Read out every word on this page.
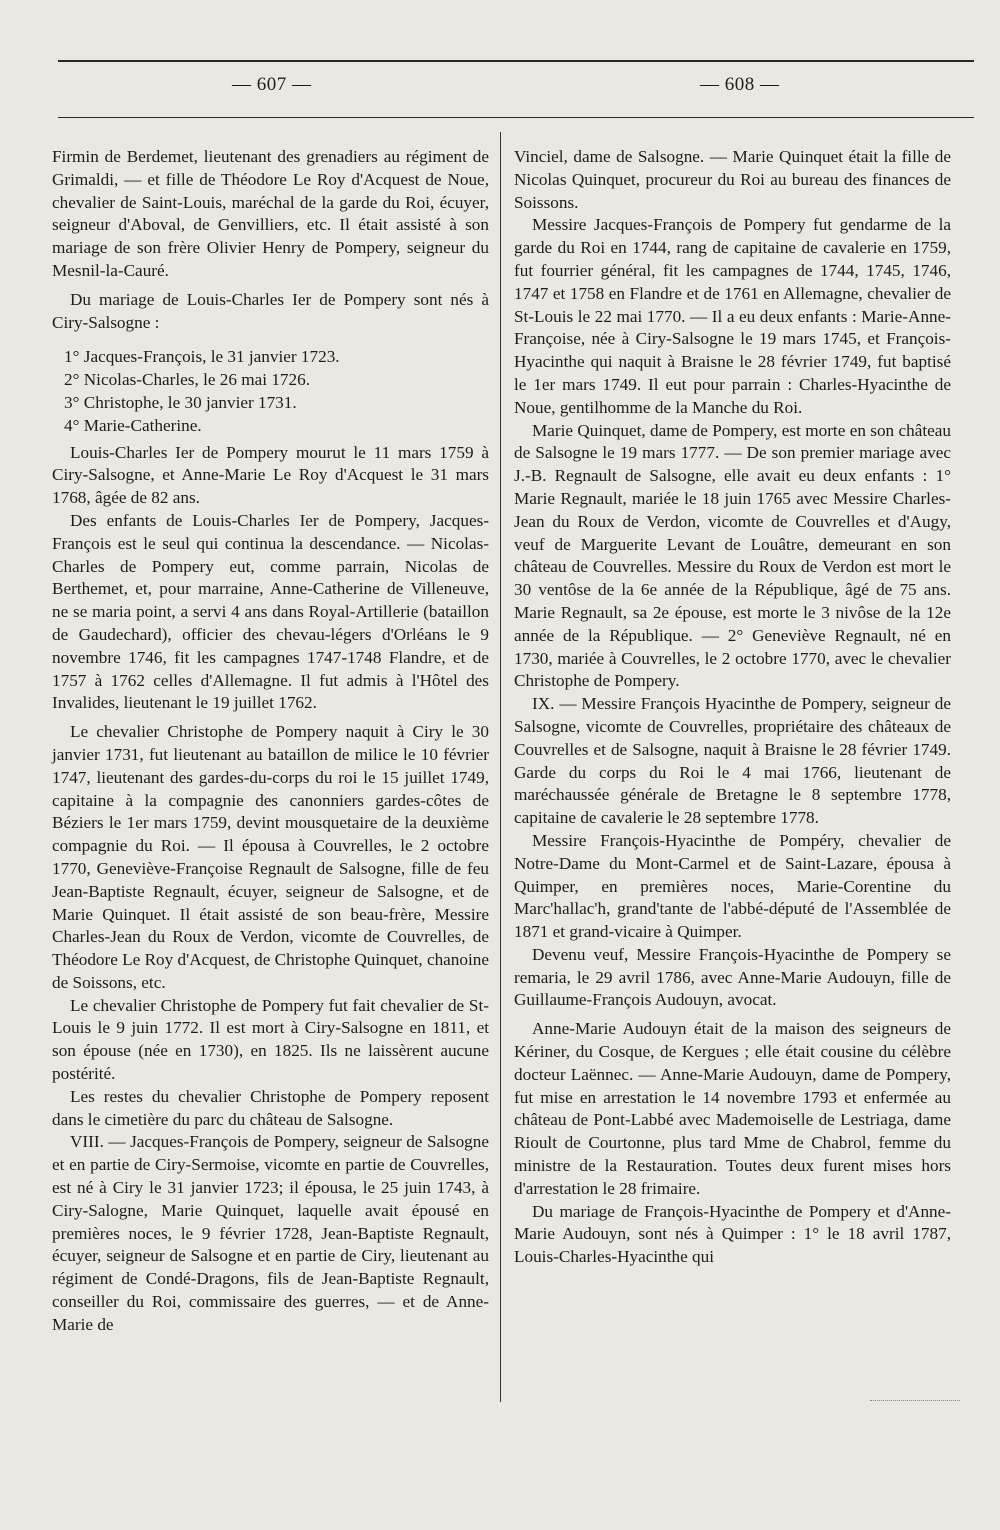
— 607 —	— 608 —

Firmin de Berdemet, lieutenant des grenadiers au régiment de Grimaldi, — et fille de Théodore Le Roy d'Acquest de Noue, chevalier de Saint-Louis, maréchal de la garde du Roi, écuyer, seigneur d'Aboval, de Genvilliers, etc. Il était assisté à son mariage de son frère Olivier Henry de Pompery, seigneur du Mesnil-la-Cauré.

Du mariage de Louis-Charles Ier de Pompery sont nés à Ciry-Salsogne :

1° Jacques-François, le 31 janvier 1723.

2° Nicolas-Charles, le 26 mai 1726.

3° Christophe, le 30 janvier 1731.

4° Marie-Catherine.

Louis-Charles Ier de Pompery mourut le 11 mars 1759 à Ciry-Salsogne, et Anne-Marie Le Roy d'Acquest le 31 mars 1768, âgée de 82 ans.

Des enfants de Louis-Charles Ier de Pompery, Jacques-François est le seul qui continua la descendance. — Nicolas-Charles de Pompery eut, comme parrain, Nicolas de Berthemet, et, pour marraine, Anne-Catherine de Villeneuve, ne se maria point, a servi 4 ans dans Royal-Artillerie (bataillon de Gaudechard), officier des chevau-légers d'Orléans le 9 novembre 1746, fit les campagnes 1747-1748 Flandre, et de 1757 à 1762 celles d'Allemagne. Il fut admis à l'Hôtel des Invalides, lieutenant le 19 juillet 1762.

Le chevalier Christophe de Pompery naquit à Ciry le 30 janvier 1731, fut lieutenant au bataillon de milice le 10 février 1747, lieutenant des gardes-du-corps du roi le 15 juillet 1749, capitaine à la compagnie des canonniers gardes-côtes de Béziers le 1er mars 1759, devint mousquetaire de la deuxième compagnie du Roi. — Il épousa à Couvrelles, le 2 octobre 1770, Geneviève-Françoise Regnault de Salsogne, fille de feu Jean-Baptiste Regnault, écuyer, seigneur de Salsogne, et de Marie Quinquet. Il était assisté de son beau-frère, Messire Charles-Jean du Roux de Verdon, vicomte de Couvrelles, de Théodore Le Roy d'Acquest, de Christophe Quinquet, chanoine de Soissons, etc.

Le chevalier Christophe de Pompery fut fait chevalier de St-Louis le 9 juin 1772. Il est mort à Ciry-Salsogne en 1811, et son épouse (née en 1730), en 1825. Ils ne laissèrent aucune postérité.

Les restes du chevalier Christophe de Pompery reposent dans le cimetière du parc du château de Salsogne.

VIII. — Jacques-François de Pompery, seigneur de Salsogne et en partie de Ciry-Sermoise, vicomte en partie de Couvrelles, est né à Ciry le 31 janvier 1723; il épousa, le 25 juin 1743, à Ciry-Salogne, Marie Quinquet, laquelle avait épousé en premières noces, le 9 février 1728, Jean-Baptiste Regnault, écuyer, seigneur de Salsogne et en partie de Ciry, lieutenant au régiment de Condé-Dragons, fils de Jean-Baptiste Regnault, conseiller du Roi, commissaire des guerres, — et de Anne-Marie de

Vinciel, dame de Salsogne. — Marie Quinquet était la fille de Nicolas Quinquet, procureur du Roi au bureau des finances de Soissons.

Messire Jacques-François de Pompery fut gendarme de la garde du Roi en 1744, rang de capitaine de cavalerie en 1759, fut fourrier général, fit les campagnes de 1744, 1745, 1746, 1747 et 1758 en Flandre et de 1761 en Allemagne, chevalier de St-Louis le 22 mai 1770. — Il a eu deux enfants : Marie-Anne-Françoise, née à Ciry-Salsogne le 19 mars 1745, et François-Hyacinthe qui naquit à Braisne le 28 février 1749, fut baptisé le 1er mars 1749. Il eut pour parrain : Charles-Hyacinthe de Noue, gentilhomme de la Manche du Roi.

Marie Quinquet, dame de Pompery, est morte en son château de Salsogne le 19 mars 1777. — De son premier mariage avec J.-B. Regnault de Salsogne, elle avait eu deux enfants : 1° Marie Regnault, mariée le 18 juin 1765 avec Messire Charles-Jean du Roux de Verdon, vicomte de Couvrelles et d'Augy, veuf de Marguerite Levant de Louâtre, demeurant en son château de Couvrelles. Messire du Roux de Verdon est mort le 30 ventôse de la 6e année de la République, âgé de 75 ans. Marie Regnault, sa 2e épouse, est morte le 3 nivôse de la 12e année de la République. — 2° Geneviève Regnault, né en 1730, mariée à Couvrelles, le 2 octobre 1770, avec le chevalier Christophe de Pompery.

IX. — Messire François Hyacinthe de Pompery, seigneur de Salsogne, vicomte de Couvrelles, propriétaire des châteaux de Couvrelles et de Salsogne, naquit à Braisne le 28 février 1749. Garde du corps du Roi le 4 mai 1766, lieutenant de maréchaussée générale de Bretagne le 8 septembre 1778, capitaine de cavalerie le 28 septembre 1778.

Messire François-Hyacinthe de Pompéry, chevalier de Notre-Dame du Mont-Carmel et de Saint-Lazare, épousa à Quimper, en premières noces, Marie-Corentine du Marc'hallac'h, grand'tante de l'abbé-député de l'Assemblée de 1871 et grand-vicaire à Quimper.

Devenu veuf, Messire François-Hyacinthe de Pompery se remaria, le 29 avril 1786, avec Anne-Marie Audouyn, fille de Guillaume-François Audouyn, avocat.

Anne-Marie Audouyn était de la maison des seigneurs de Kériner, du Cosque, de Kergues ; elle était cousine du célèbre docteur Laënnec. — Anne-Marie Audouyn, dame de Pompery, fut mise en arrestation le 14 novembre 1793 et enfermée au château de Pont-Labbé avec Mademoiselle de Lestriaga, dame Rioult de Courtonne, plus tard Mme de Chabrol, femme du ministre de la Restauration. Toutes deux furent mises hors d'arrestation le 28 frimaire.

Du mariage de François-Hyacinthe de Pompery et d'Anne-Marie Audouyn, sont nés à Quimper : 1° le 18 avril 1787, Louis-Charles-Hyacinthe qui
